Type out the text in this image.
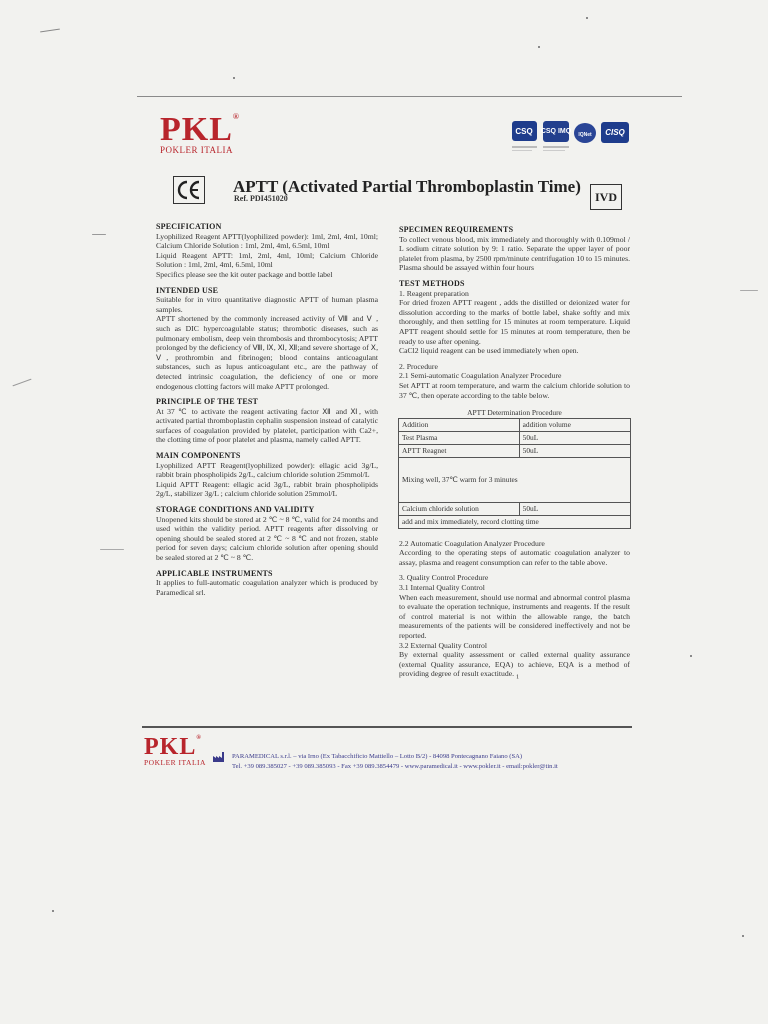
PKL®
POKLER ITALIA
CSQ CSQ IMQ IQNet CISQ
APTT (Activated Partial Thromboplastin Time)
Ref. PDI451020	IVD
SPECIFICATION

Lyophilized Reagent APTT(lyophilized powder): 1ml, 2ml, 4ml, 10ml; Calcium Chloride Solution : 1ml, 2ml, 4ml, 6.5ml, 10ml

Liquid Reagent APTT: 1ml, 2ml, 4ml, 10ml; Calcium Chloride Solution : 1ml, 2ml, 4ml, 6.5ml, 10ml

Specifics please see the kit outer package and bottle label

INTENDED USE

Suitable for in vitro quantitative diagnostic APTT of human plasma samples.

APTT shortened by the commonly increased activity of Ⅷ and Ⅴ , such as DIC hypercoagulable status; thrombotic diseases, such as pulmonary embolism, deep vein thrombosis and thrombocytosis; APTT prolonged by the deficiency of Ⅷ, Ⅸ, Ⅺ, Ⅻ;and severe shortage of Ⅹ, Ⅴ, prothrombin and fibrinogen; blood contains anticoagulant substances, such as lupus anticoagulant etc., are the pathway of detected intrinsic coagulation, the deficiency of one or more endogenous clotting factors will make APTT prolonged.

PRINCIPLE OF THE TEST

At 37 ℃ to activate the reagent activating factor Ⅻ and Ⅺ, with activated partial thromboplastin cephalin suspension instead of catalytic surfaces of coagulation provided by platelet, participation with Ca2+, the clotting time of poor platelet and plasma, namely called APTT.

MAIN COMPONENTS

Lyophilized APTT Reagent(lyophilized powder): ellagic acid 3g/L, rabbit brain phospholipids 2g/L, calcium chloride solution 25mmol/L

Liquid APTT Reagent: ellagic acid 3g/L, rabbit brain phospholipids 2g/L, stabilizer 3g/L ; calcium chloride solution 25mmol/L

STORAGE CONDITIONS AND VALIDITY

Unopened kits should be stored at 2 ℃ ~ 8 ℃, valid for 24 months and used within the validity period. APTT reagents after dissolving or opening should be sealed stored at 2 ℃ ~ 8 ℃ and not frozen, stable period for seven days; calcium chloride solution after opening should be sealed stored at 2 ℃ ~ 8 ℃.

APPLICABLE INSTRUMENTS

It applies to full-automatic coagulation analyzer which is produced by Paramedical srl.

SPECIMEN REQUIREMENTS

To collect venous blood, mix immediately and thoroughly with 0.109mol / L sodium citrate solution by 9: 1 ratio. Separate the upper layer of poor platelet from plasma, by 2500 rpm/minute centrifugation 10 to 15 minutes. Plasma should be assayed within four hours

TEST METHODS

1. Reagent preparation

For dried frozen APTT reagent , adds the distilled or deionized water for dissolution according to the marks of bottle label, shake softly and mix thoroughly, and then settling for 15 minutes at room temperature. Liquid APTT reagent should settle for 15 minutes at room temperature, then be ready to use after opening.

CaCl2 liquid reagent can be used immediately when open.

2. Procedure

2.1 Semi-automatic Coagulation Analyzer Procedure

Set APTT at room temperature, and warm the calcium chloride solution to 37 ℃, then operate according to the table below.

APTT Determination Procedure
Addition	addition volume
Test Plasma	50uL
APTT Reagnet	50uL
Mixing well, 37℃ warm for 3 minutes	
Calcium chloride solution	50uL
add and mix immediately, record clotting time	

2.2 Automatic Coagulation Analyzer Procedure

According to the operating steps of automatic coagulation analyzer to assay, plasma and reagent consumption can refer to the table above.

3. Quality Control Procedure

3.1 Internal Quality Control

When each measurement, should use normal and abnormal control plasma to evaluate the operation technique, instruments and reagents. If the result of control material is not within the allowable range, the batch measurements of the patients will be considered ineffectively and not be reported.

3.2 External Quality Control

By external quality assessment or called external quality assurance (external Quality assurance, EQA) to achieve, EQA is a method of providing degree of result exactitude. $_1$

PKL®
POKLER ITALIA
PARAMEDICAL s.r.l. – via Irno (Ex Tabacchificio Mattiello – Lotto B/2) - 84098 Pontecagnano Faiano (SA)
Tel. +39 089.385027 - +39 089.385093 - Fax +39 089.3854479 - www.paramedical.it - www.pokler.it - email:pokler@tin.it
